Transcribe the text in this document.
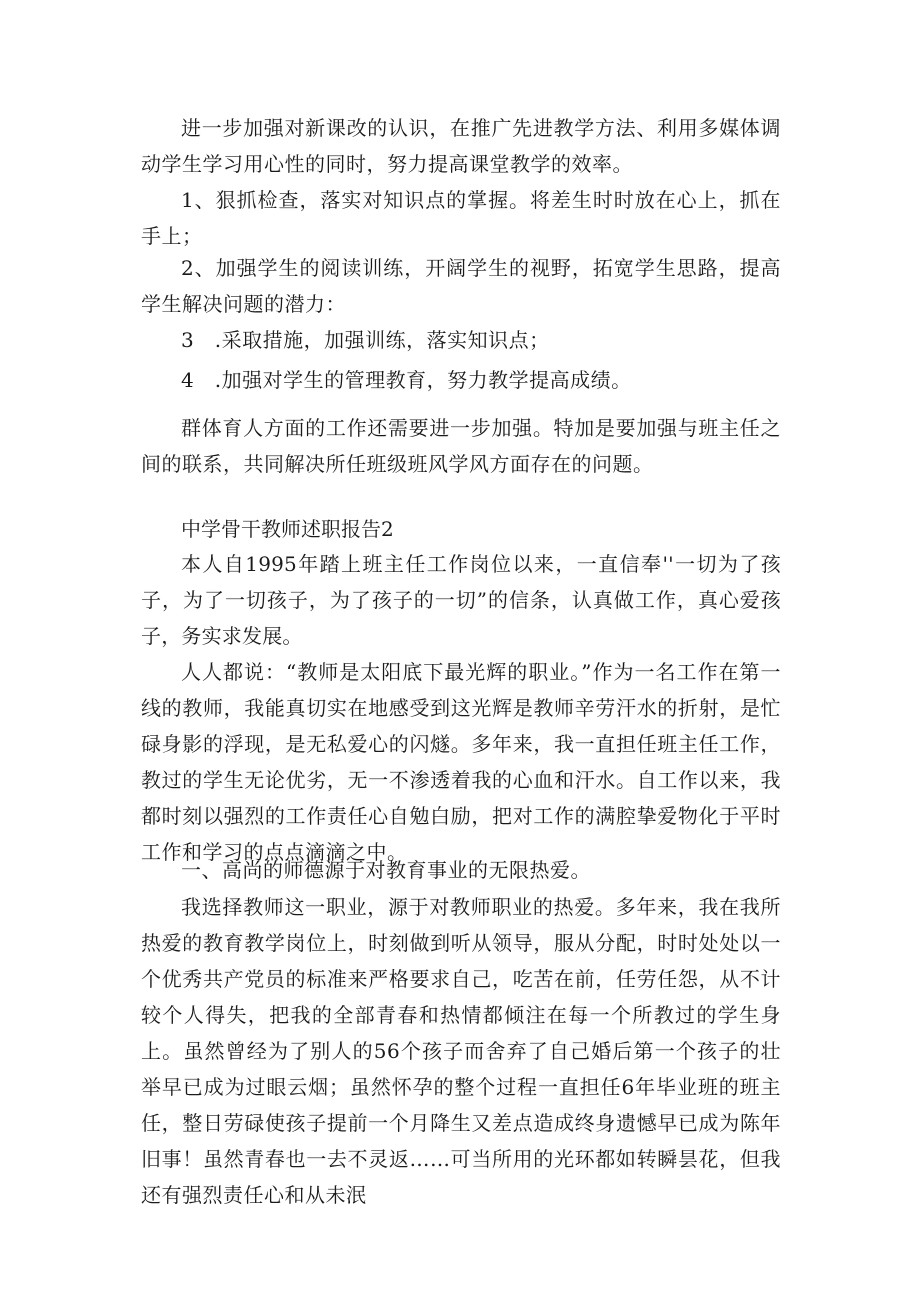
进一步加强对新课改的认识，在推广先进教学方法、利用多媒体调动学生学习用心性的同时，努力提高课堂教学的效率。

1、狠抓检查，落实对知识点的掌握。将差生时时放在心上，抓在手上；

2、加强学生的阅读训练，开阔学生的视野，拓宽学生思路，提高学生解决问题的潜力：

3　.采取措施，加强训练，落实知识点；

4　.加强对学生的管理教育，努力教学提高成绩。

群体育人方面的工作还需要进一步加强。特加是要加强与班主任之间的联系，共同解决所任班级班风学风方面存在的问题。

中学骨干教师述职报告2

本人自1995年踏上班主任工作岗位以来，一直信奉''一切为了孩子，为了一切孩子，为了孩子的一切”的信条，认真做工作，真心爱孩子，务实求发展。

人人都说：“教师是太阳底下最光辉的职业。”作为一名工作在第一线的教师，我能真切实在地感受到这光辉是教师辛劳汗水的折射，是忙碌身影的浮现，是无私爱心的闪燧。多年来，我一直担任班主任工作，教过的学生无论优劣，无一不渗透着我的心血和汗水。自工作以来，我都时刻以强烈的工作责任心自勉白励，把对工作的满腔挚爱物化于平时工作和学习的点点滴滴之中。

一、高尚的师德源于对教育事业的无限热爱。

我选择教师这一职业，源于对教师职业的热爱。多年来，我在我所热爱的教育教学岗位上，时刻做到听从领导，服从分配，时时处处以一个优秀共产党员的标准来严格要求自己，吃苦在前，任劳任怨，从不计较个人得失，把我的全部青春和热情都倾注在每一个所教过的学生身上。虽然曾经为了别人的56个孩子而舍弃了自己婚后第一个孩子的壮举早已成为过眼云烟；虽然怀孕的整个过程一直担任6年毕业班的班主任，整日劳碌使孩子提前一个月降生又差点造成终身遗憾早已成为陈年旧事！虽然青春也一去不灵返……可当所用的光环都如转瞬昙花，但我还有强烈责任心和从未泯
